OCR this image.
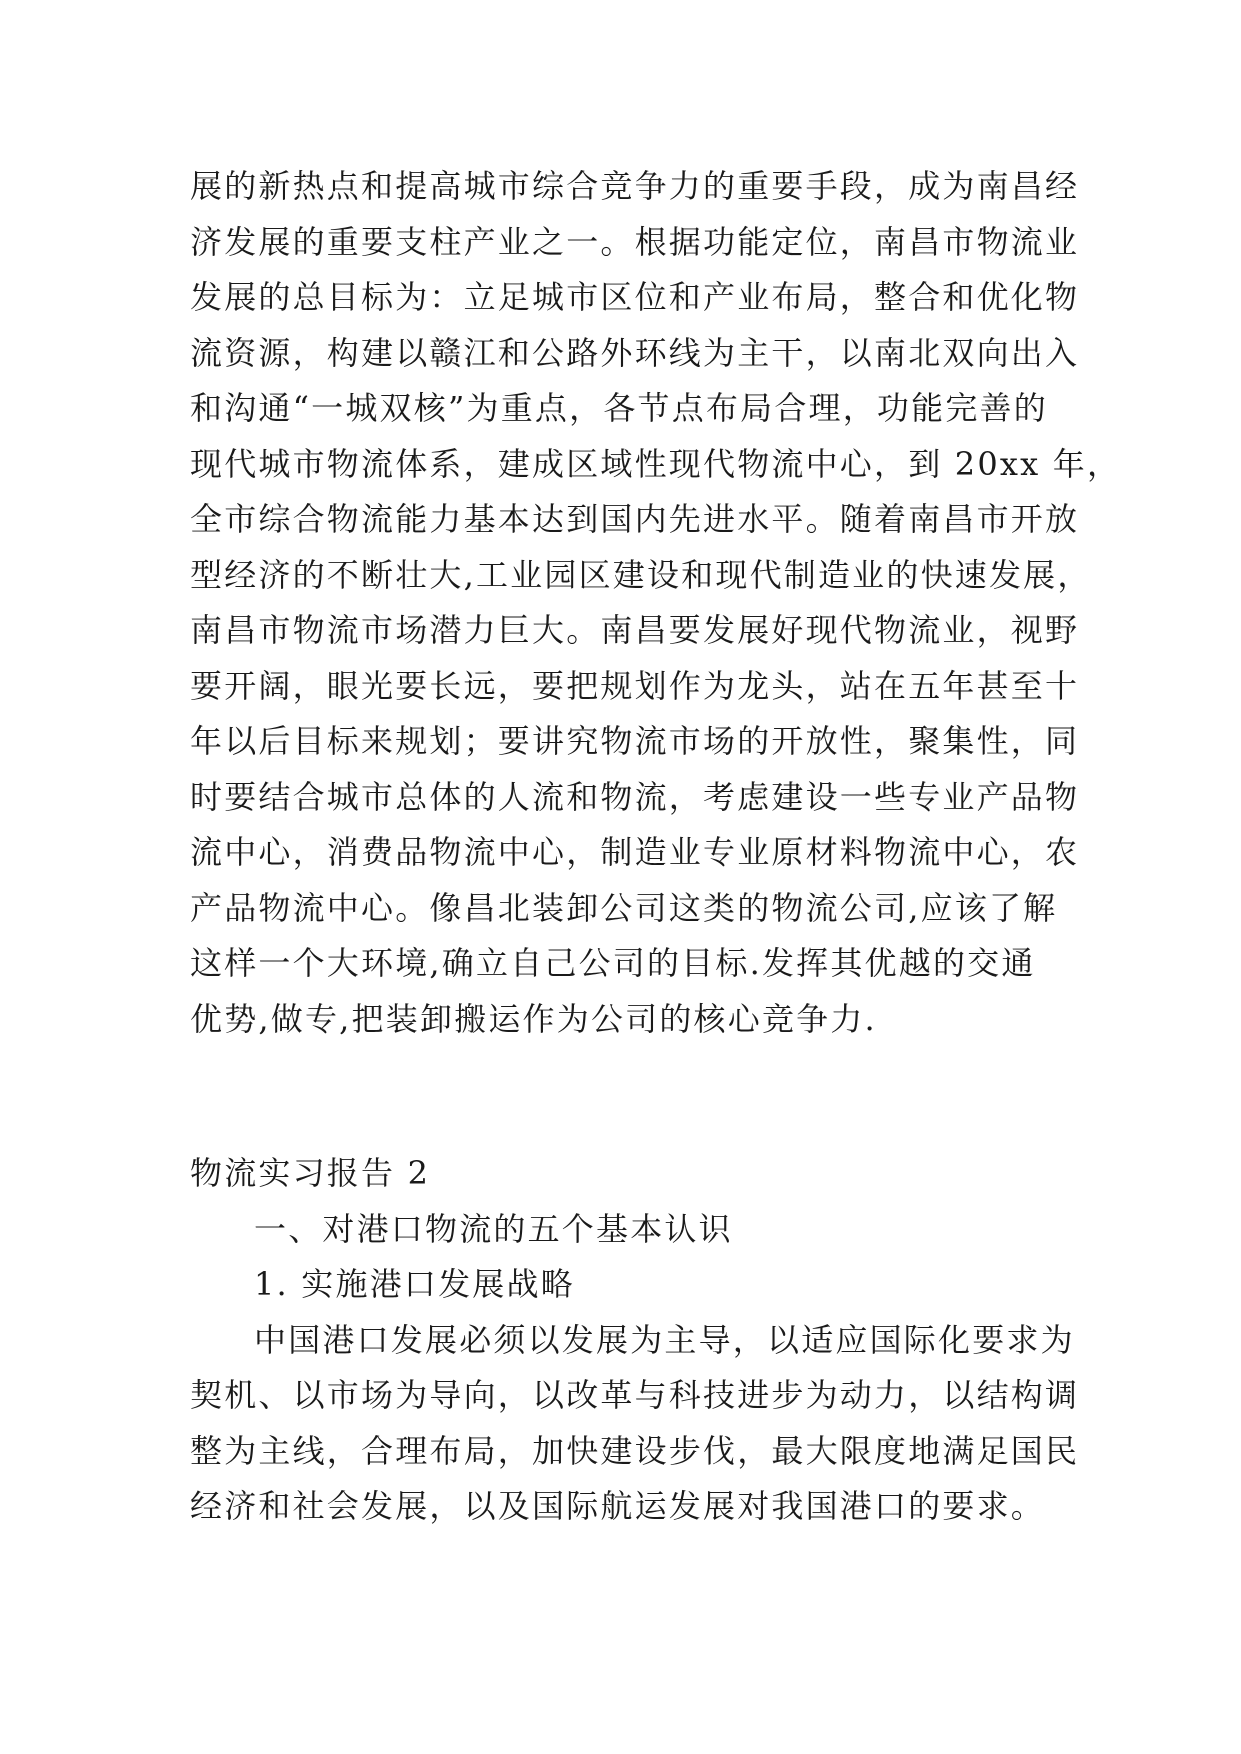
展的新热点和提高城市综合竞争力的重要手段，成为南昌经
济发展的重要支柱产业之一。根据功能定位，南昌市物流业
发展的总目标为：立足城市区位和产业布局，整合和优化物
流资源，构建以赣江和公路外环线为主干，以南北双向出入
和沟通“一城双核”为重点，各节点布局合理，功能完善的
现代城市物流体系，建成区域性现代物流中心，到 20xx 年，
全市综合物流能力基本达到国内先进水平。随着南昌市开放
型经济的不断壮大,工业园区建设和现代制造业的快速发展，
南昌市物流市场潜力巨大。南昌要发展好现代物流业，视野
要开阔，眼光要长远，要把规划作为龙头，站在五年甚至十
年以后目标来规划；要讲究物流市场的开放性，聚集性，同
时要结合城市总体的人流和物流，考虑建设一些专业产品物
流中心，消费品物流中心，制造业专业原材料物流中心，农
产品物流中心。像昌北装卸公司这类的物流公司,应该了解
这样一个大环境,确立自己公司的目标.发挥其优越的交通
优势,做专,把装卸搬运作为公司的核心竞争力.
物流实习报告 2
一、对港口物流的五个基本认识
1. 实施港口发展战略
中国港口发展必须以发展为主导，以适应国际化要求为
契机、以市场为导向，以改革与科技进步为动力，以结构调
整为主线，合理布局，加快建设步伐，最大限度地满足国民
经济和社会发展，以及国际航运发展对我国港口的要求。
